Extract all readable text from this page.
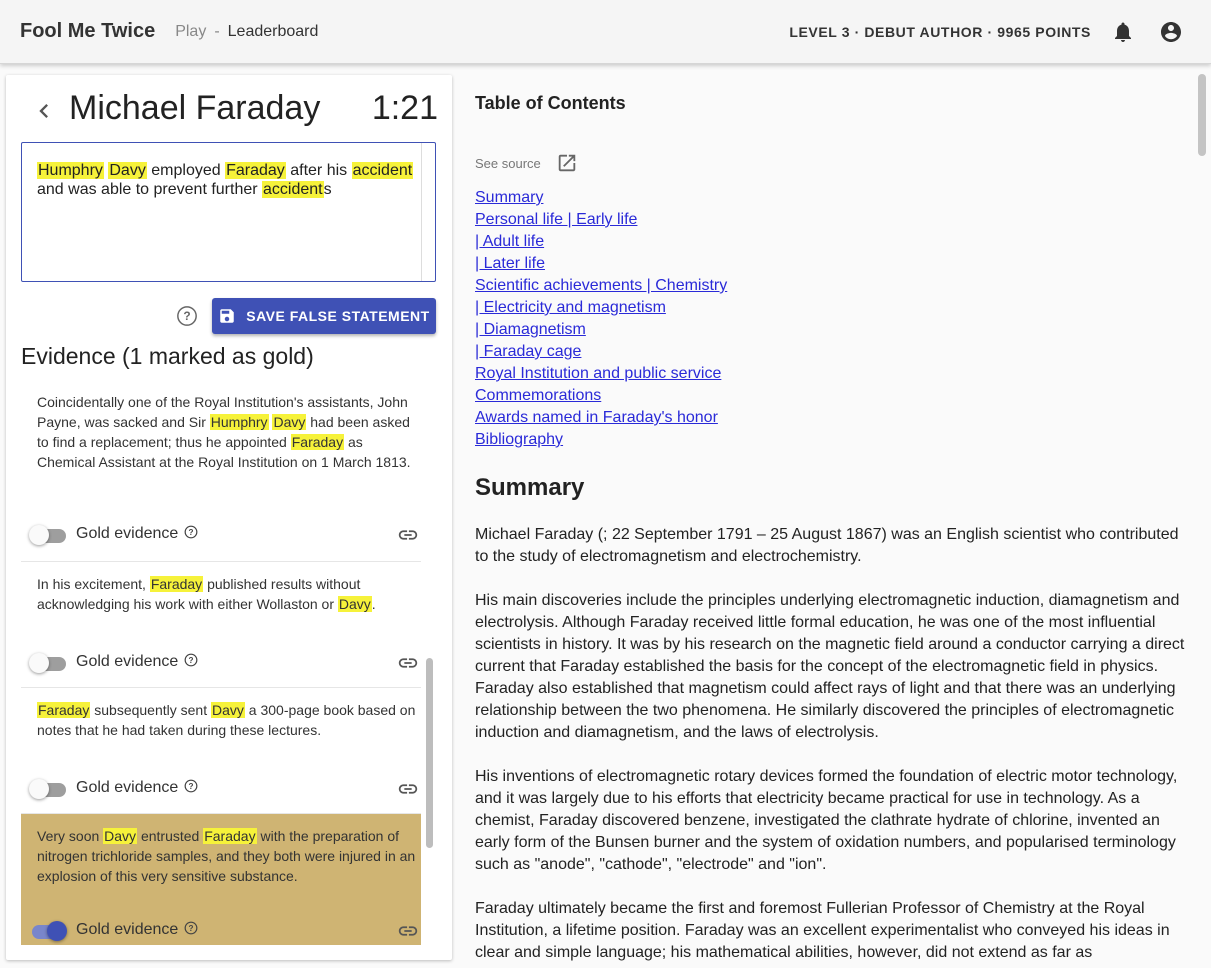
Fool Me Twice Play - Leaderboard	LEVEL 3 · DEBUT AUTHOR · 9965 POINTS
Michael Faraday 1:21
Humphry Davy employed Faraday after his accident and was able to prevent further accidents
?	SAVE FALSE STATEMENT
Evidence (1 marked as gold)
Coincidentally one of the Royal Institution's assistants, John Payne, was sacked and Sir Humphry Davy had been asked to find a replacement; thus he appointed Faraday as Chemical Assistant at the Royal Institution on 1 March 1813.
Gold evidence ?
In his excitement, Faraday published results without acknowledging his work with either Wollaston or Davy.
Gold evidence ?
Faraday subsequently sent Davy a 300-page book based on notes that he had taken during these lectures.
Gold evidence ?
Very soon Davy entrusted Faraday with the preparation of nitrogen trichloride samples, and they both were injured in an explosion of this very sensitive substance.
Gold evidence ?
Table of Contents
See source
Summary
Personal life | Early life
| Adult life
| Later life
Scientific achievements | Chemistry
| Electricity and magnetism
| Diamagnetism
| Faraday cage
Royal Institution and public service
Commemorations
Awards named in Faraday's honor
Bibliography
Summary

Michael Faraday (; 22 September 1791 – 25 August 1867) was an English scientist who contributed to the study of electromagnetism and electrochemistry.

His main discoveries include the principles underlying electromagnetic induction, diamagnetism and electrolysis. Although Faraday received little formal education, he was one of the most influential scientists in history. It was by his research on the magnetic field around a conductor carrying a direct current that Faraday established the basis for the concept of the electromagnetic field in physics. Faraday also established that magnetism could affect rays of light and that there was an underlying relationship between the two phenomena. He similarly discovered the principles of electromagnetic induction and diamagnetism, and the laws of electrolysis.

His inventions of electromagnetic rotary devices formed the foundation of electric motor technology, and it was largely due to his efforts that electricity became practical for use in technology. As a chemist, Faraday discovered benzene, investigated the clathrate hydrate of chlorine, invented an early form of the Bunsen burner and the system of oxidation numbers, and popularised terminology such as "anode", "cathode", "electrode" and "ion".

Faraday ultimately became the first and foremost Fullerian Professor of Chemistry at the Royal Institution, a lifetime position. Faraday was an excellent experimentalist who conveyed his ideas in clear and simple language; his mathematical abilities, however, did not extend as far as
